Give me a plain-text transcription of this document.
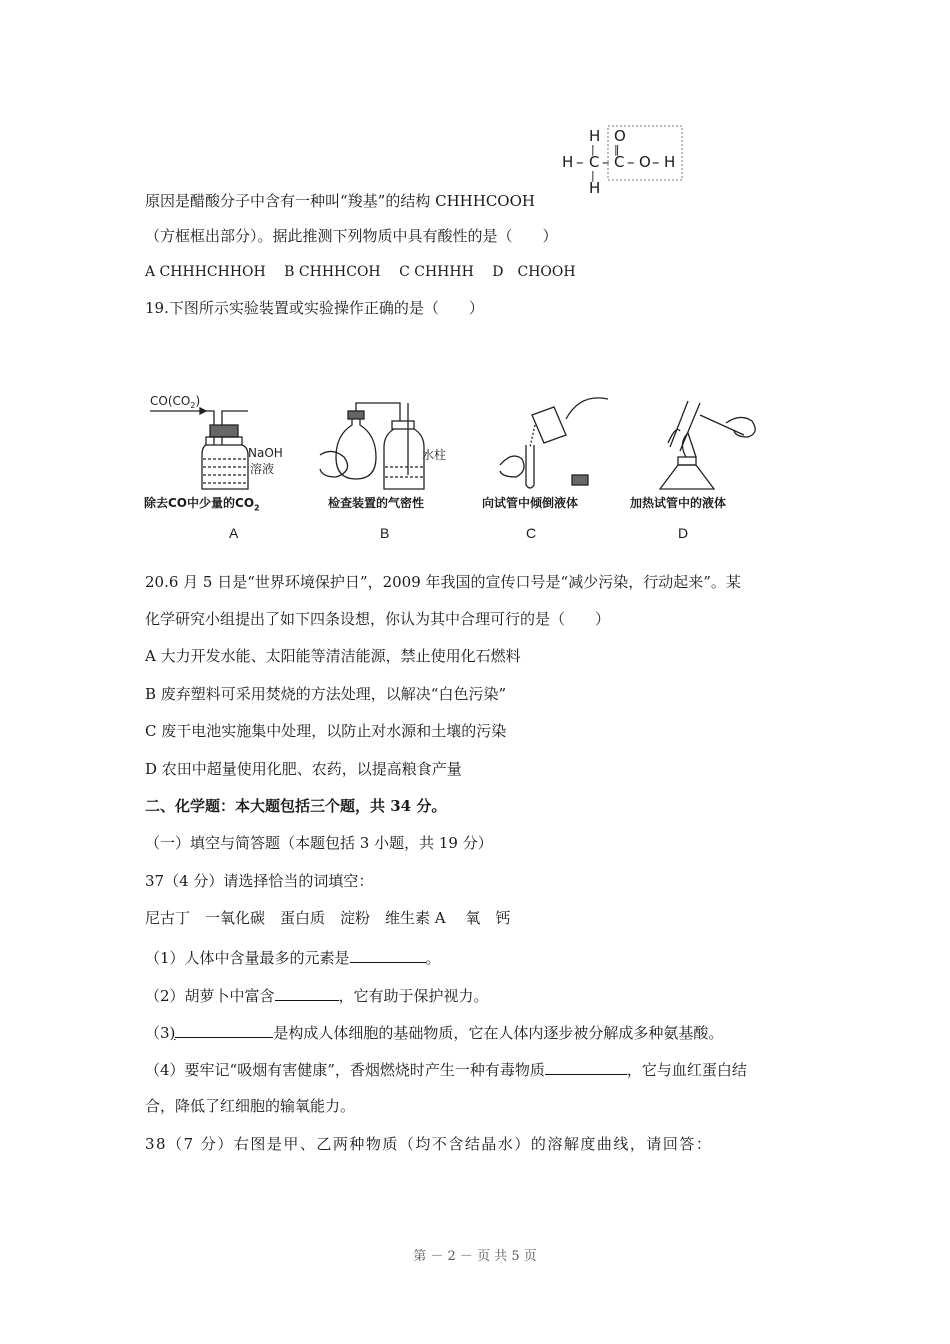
H O
| ‖
H – C – C – O – H
|
H
原因是醋酸分子中含有一种叫“羧基”的结构 CHHHCOOH
（方框框出部分）。据此推测下列物质中具有酸性的是（　　）
A CHHHCHHOH　 B CHHHCOH　 C CHHHH　 D　CHOOH
19.下图所示实验装置或实验操作正确的是（　　）
$CO(CO_2)$
NaOH
溶液
水柱
除去CO中少量的$CO_2$	检查装置的气密性	向试管中倾倒液体	加热试管中的液体
A	B	C	D
20.6 月 5 日是“世界环境保护日”，2009 年我国的宣传口号是“减少污染，行动起来”。某
化学研究小组提出了如下四条设想，你认为其中合理可行的是（　　）
A 大力开发水能、太阳能等清洁能源，禁止使用化石燃料
B 废弃塑料可采用焚烧的方法处理，以解决“白色污染”
C 废干电池实施集中处理，以防止对水源和土壤的污染
D 农田中超量使用化肥、农药，以提高粮食产量
二、化学题：本大题包括三个题，共 34 分。
（一）填空与简答题（本题包括 3 小题，共 19 分）
37（4 分）请选择恰当的词填空：
尼古丁　一氧化碳　蛋白质　淀粉　维生素 A　 氧　钙
（1）人体中含量最多的元素是	。
（2）胡萝卜中富含	，它有助于保护视力。
（3)	是构成人体细胞的基础物质，它在人体内逐步被分解成多种氨基酸。
（4）要牢记“吸烟有害健康”，香烟燃烧时产生一种有毒物质	，它与血红蛋白结
合，降低了红细胞的输氧能力。
38（7 分）右图是甲、乙两种物质（均不含结晶水）的溶解度曲线，请回答：
第 － 2 － 页 共 5 页
